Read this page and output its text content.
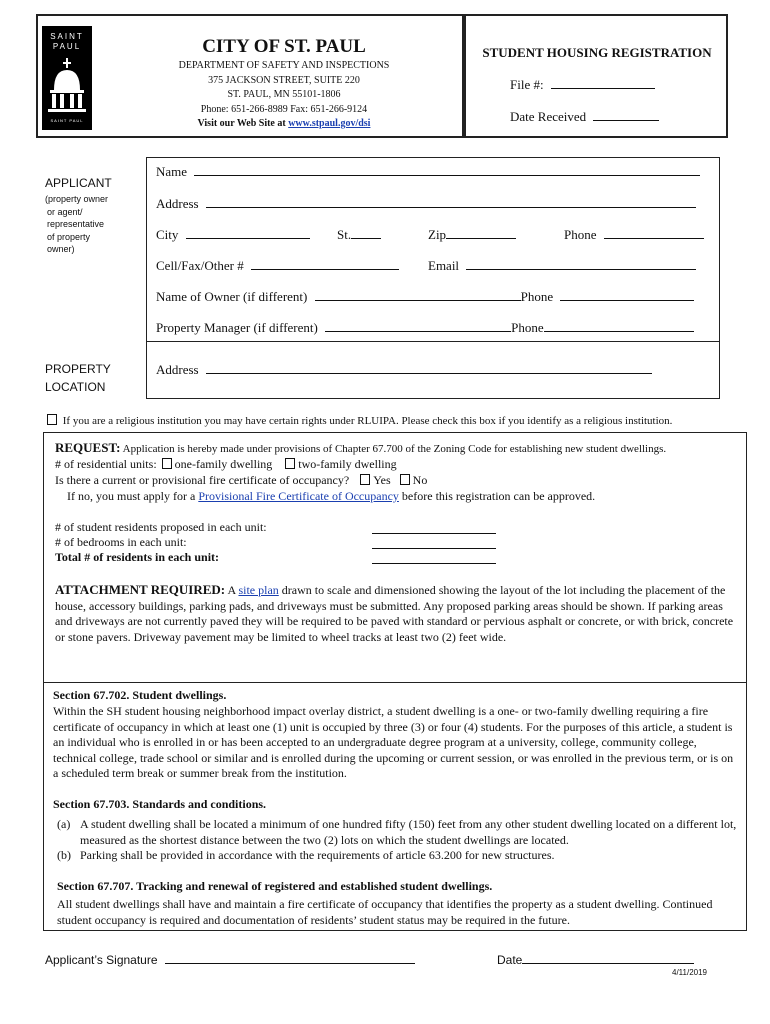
SAINT PAUL
SAINT PAUL
CITY OF ST. PAUL
DEPARTMENT OF SAFETY AND INSPECTIONS
375 JACKSON STREET, SUITE 220
ST. PAUL, MN 55101-1806
Phone: 651-266-8989 Fax: 651-266-9124
Visit our Web Site at www.stpaul.gov/dsi
STUDENT HOUSING REGISTRATION
File #:
Date Received
APPLICANT
(property owner
or agent/
representative
of property
owner)
Name
Address
City	St.	Zip	Phone
Cell/Fax/Other #	Email
Name of Owner (if different)	Phone
Property Manager (if different)	Phone
PROPERTY
LOCATION
Address
If you are a religious institution you may have certain rights under RLUIPA. Please check this box if you identify as a religious institution.
REQUEST: Application is hereby made under provisions of Chapter 67.700 of the Zoning Code for establishing new student dwellings.
# of residential units: one-family dwelling two-family dwelling
Is there a current or provisional fire certificate of occupancy? Yes No
If no, you must apply for a Provisional Fire Certificate of Occupancy before this registration can be approved.
# of student residents proposed in each unit:
# of bedrooms in each unit:
Total # of residents in each unit:
ATTACHMENT REQUIRED: A site plan drawn to scale and dimensioned showing the layout of the lot including the placement of the house, accessory buildings, parking pads, and driveways must be submitted. Any proposed parking areas should be shown. If parking areas and driveways are not currently paved they will be required to be paved with standard or pervious asphalt or concrete, or with brick, concrete or stone pavers. Driveway pavement may be limited to wheel tracks at least two (2) feet wide.
Section 67.702. Student dwellings.
Within the SH student housing neighborhood impact overlay district, a student dwelling is a one- or two-family dwelling requiring a fire certificate of occupancy in which at least one (1) unit is occupied by three (3) or four (4) students. For the purposes of this article, a student is an individual who is enrolled in or has been accepted to an undergraduate degree program at a university, college, community college, technical college, trade school or similar and is enrolled during the upcoming or current session, or was enrolled in the previous term, or is on a scheduled term break or summer break from the institution.
Section 67.703. Standards and conditions.
(a) A student dwelling shall be located a minimum of one hundred fifty (150) feet from any other student dwelling located on a different lot, measured as the shortest distance between the two (2) lots on which the student dwellings are located.
(b) Parking shall be provided in accordance with the requirements of article 63.200 for new structures.
Section 67.707. Tracking and renewal of registered and established student dwellings.
All student dwellings shall have and maintain a fire certificate of occupancy that identifies the property as a student dwelling. Continued student occupancy is required and documentation of residents’ student status may be required in the future.
Applicant’s Signature	Date
4/11/2019
